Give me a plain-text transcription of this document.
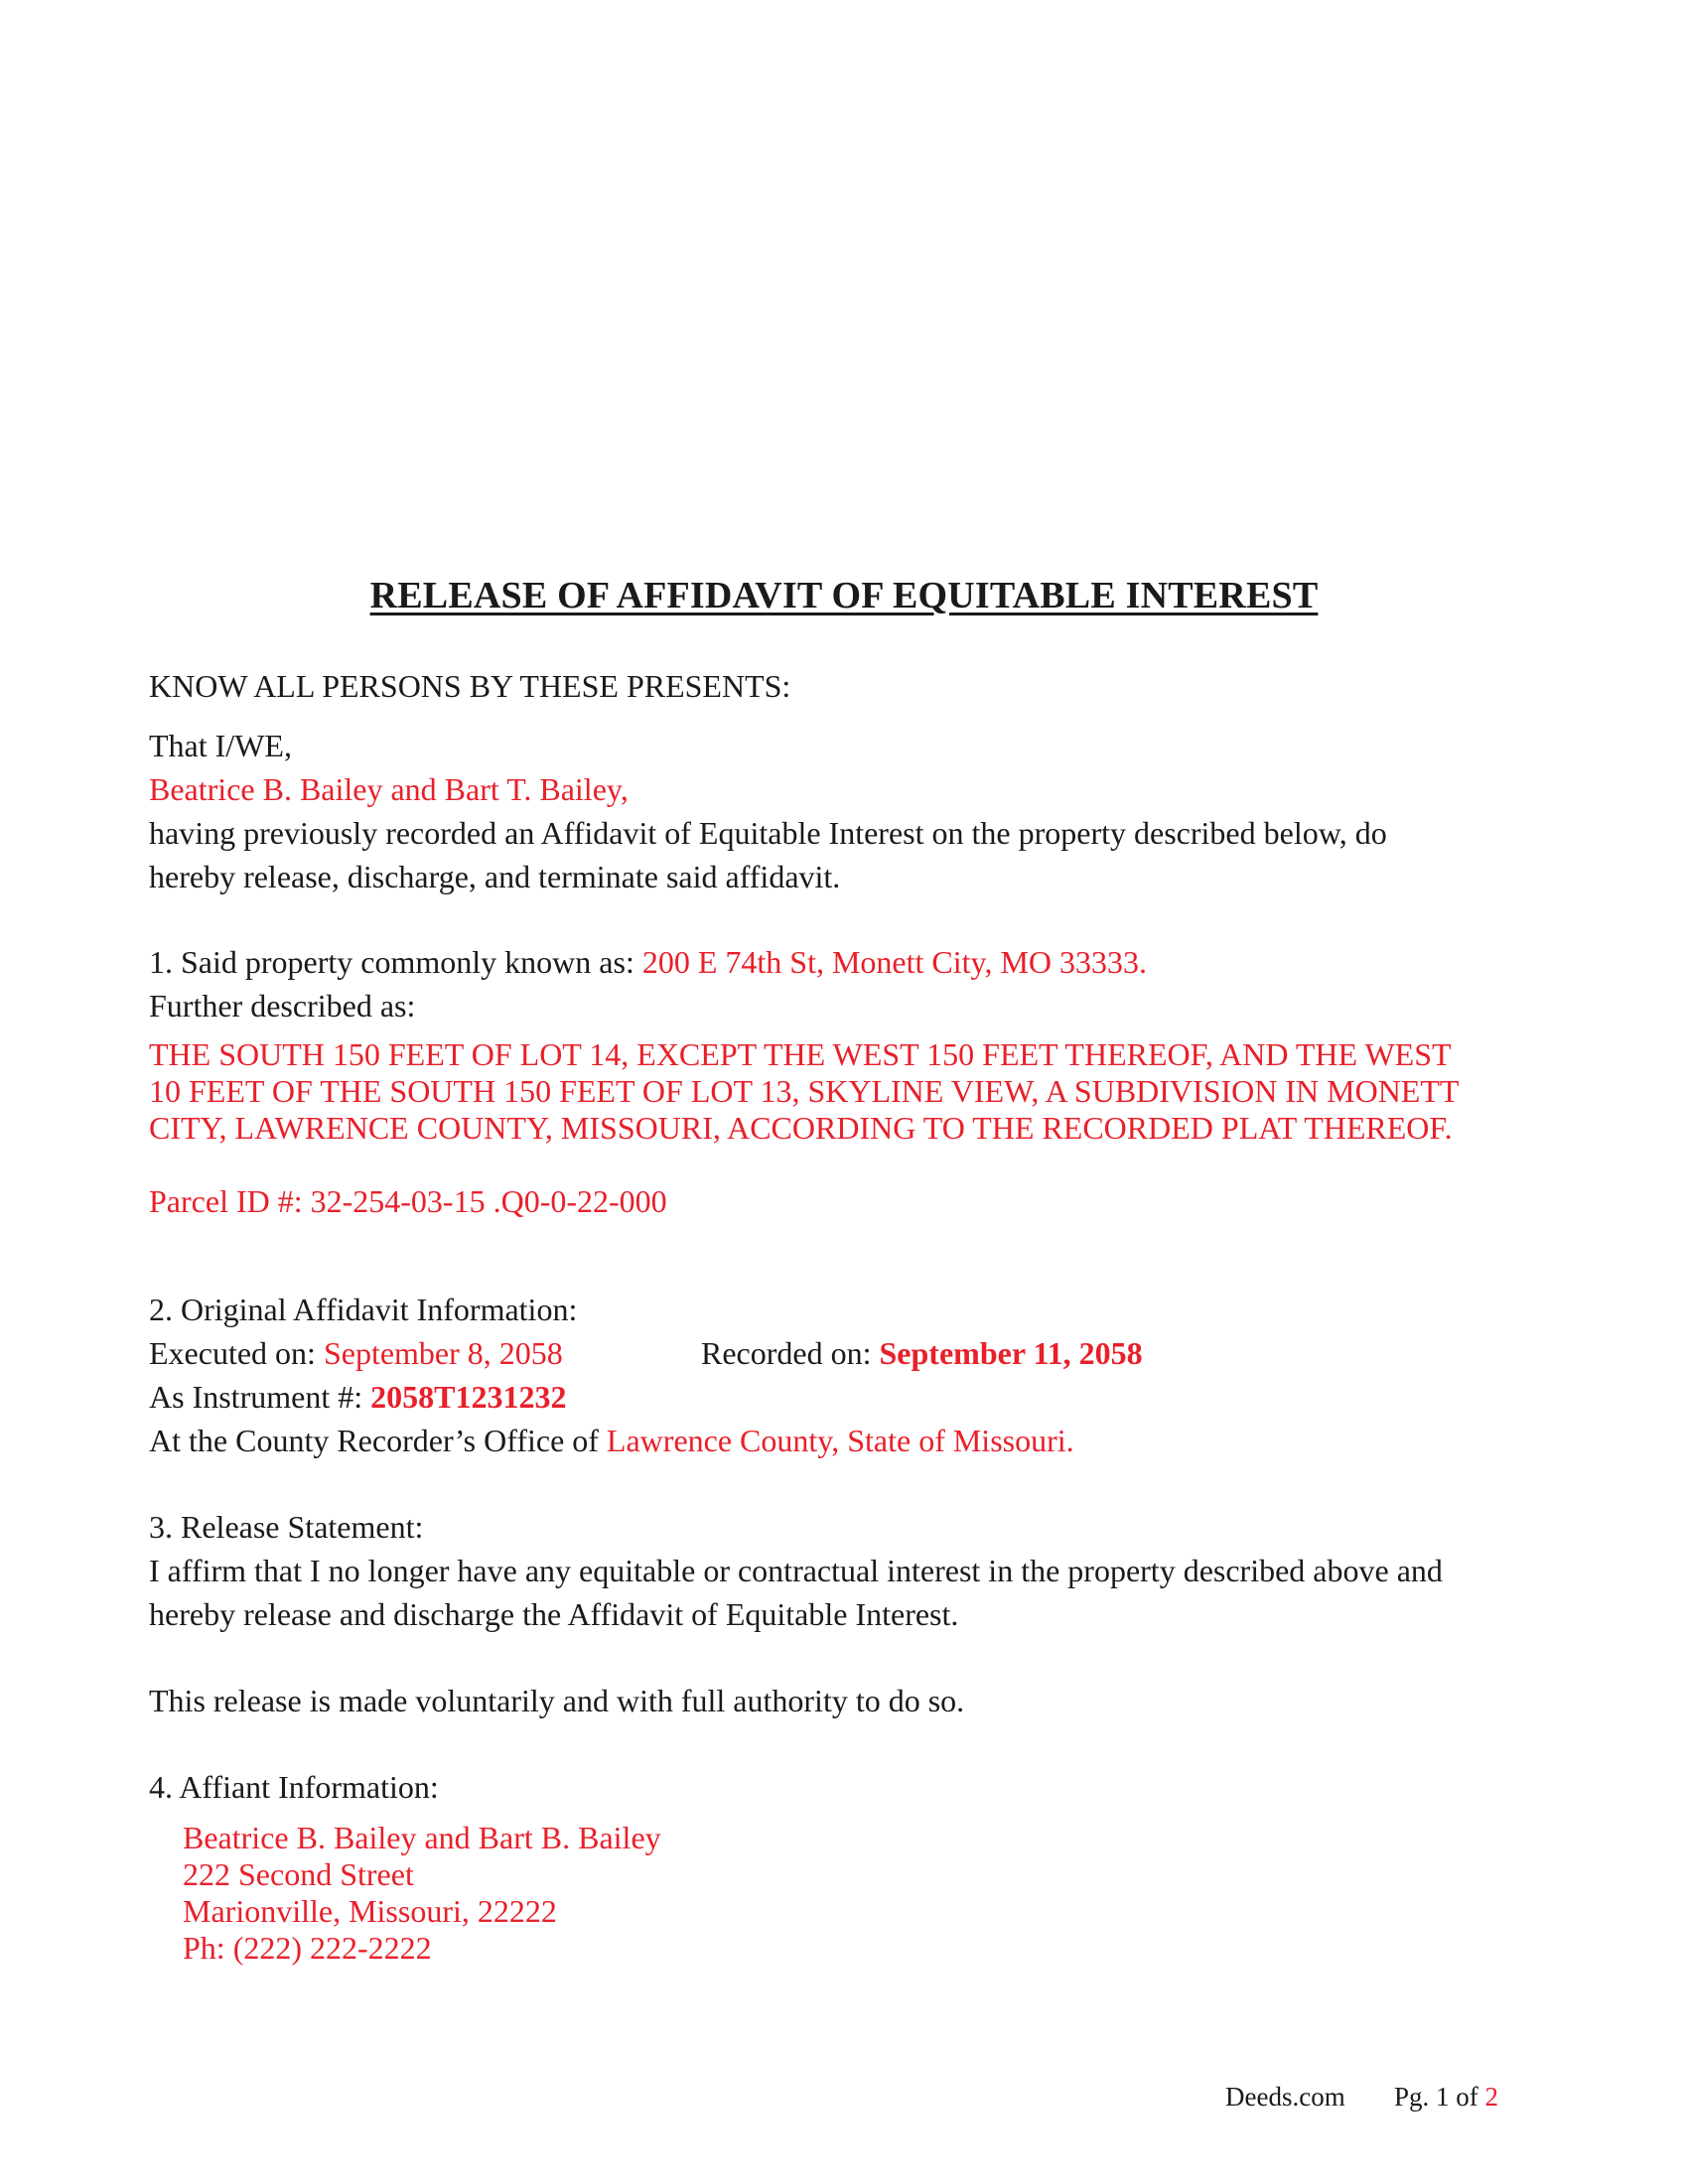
RELEASE OF AFFIDAVIT OF EQUITABLE INTEREST
KNOW ALL PERSONS BY THESE PRESENTS:
That I/WE,
Beatrice B. Bailey and Bart T. Bailey,
having previously recorded an Affidavit of Equitable Interest on the property described below, do
hereby release, discharge, and terminate said affidavit.
1. Said property commonly known as: 200 E 74th St, Monett City, MO 33333.
Further described as:
THE SOUTH 150 FEET OF LOT 14, EXCEPT THE WEST 150 FEET THEREOF, AND THE WEST
10 FEET OF THE SOUTH 150 FEET OF LOT 13, SKYLINE VIEW, A SUBDIVISION IN MONETT
CITY, LAWRENCE COUNTY, MISSOURI, ACCORDING TO THE RECORDED PLAT THEREOF.
Parcel ID #: 32-254-03-15 .Q0-0-22-000
2. Original Affidavit Information:
Executed on: September 8, 2058	Recorded on: September 11, 2058
As Instrument #: 2058T1231232
At the County Recorder’s Office of Lawrence County, State of Missouri.
3. Release Statement:
I affirm that I no longer have any equitable or contractual interest in the property described above and
hereby release and discharge the Affidavit of Equitable Interest.
This release is made voluntarily and with full authority to do so.
4. Affiant Information:
Beatrice B. Bailey and Bart B. Bailey
222 Second Street
Marionville, Missouri, 22222
Ph: (222) 222-2222
Deeds.com Pg. 1 of 2
